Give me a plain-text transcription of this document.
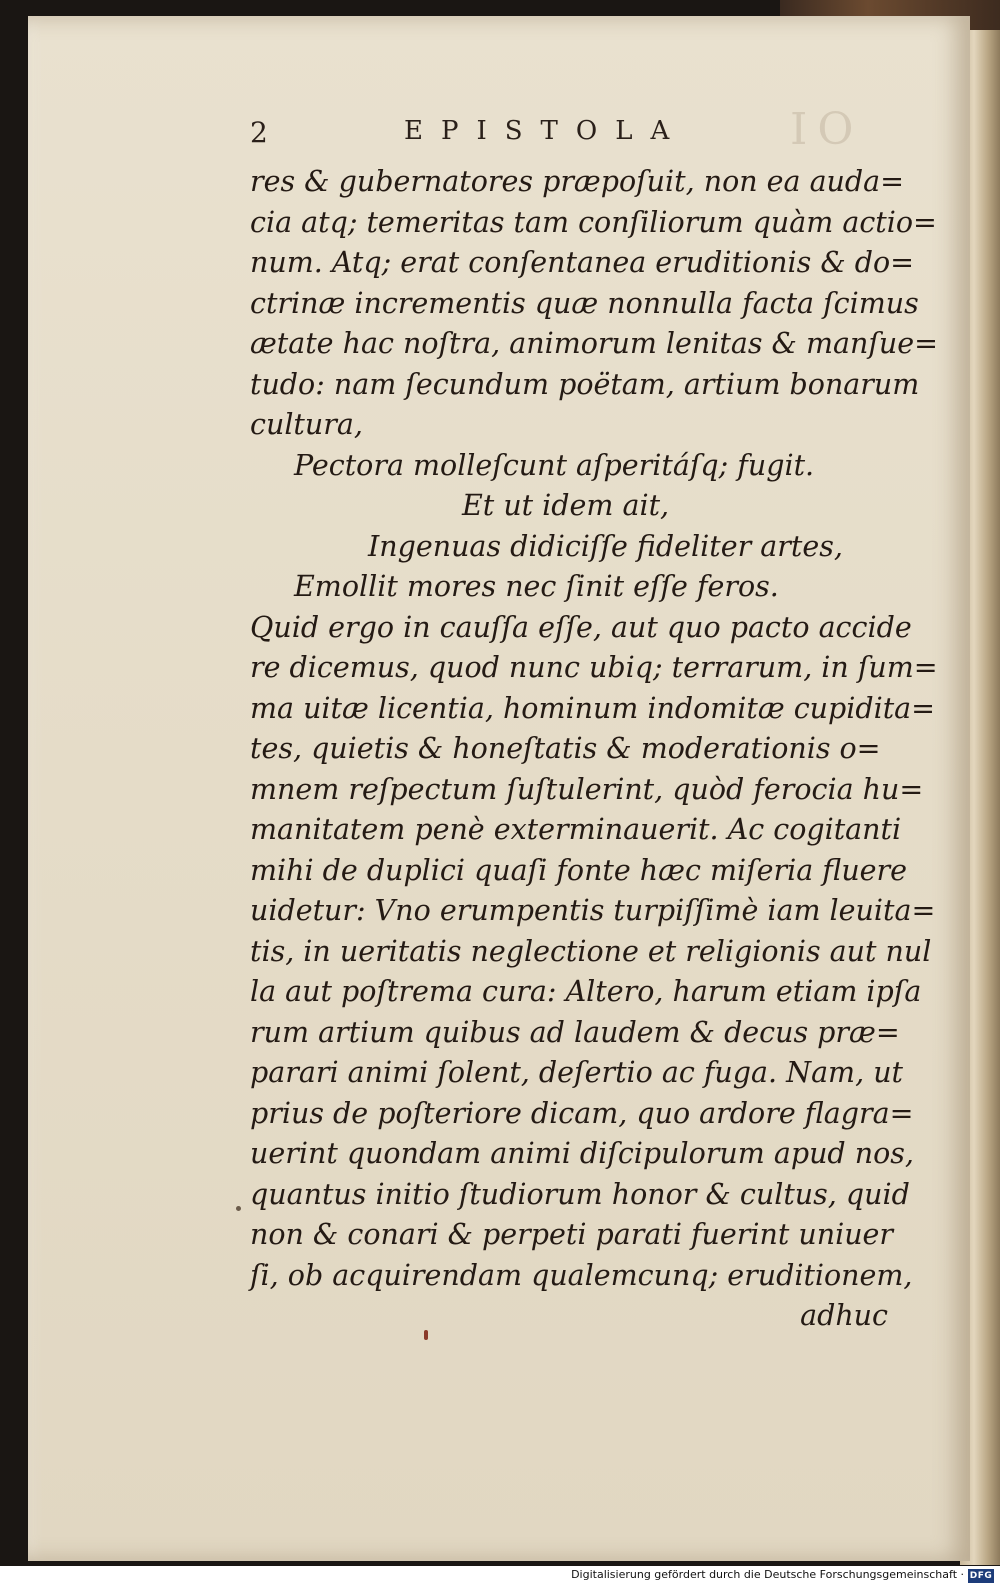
IO
2	EPISTOLA
res & gubernatores præpoſuit, non ea auda=
cia atq; temeritas tam conſiliorum quàm actio=
num. Atq; erat conſentanea eruditionis & do=
ctrinæ incrementis quæ nonnulla facta ſcimus
ætate hac noſtra, animorum lenitas & manſue=
tudo: nam ſecundum poëtam, artium bonarum
cultura,
Pectora molleſcunt aſperitáſq; fugit.
Et ut idem ait,
Ingenuas didiciſſe fideliter artes,
Emollit mores nec ſinit eſſe feros.
Quid ergo in cauſſa eſſe, aut quo pacto accide
re dicemus, quod nunc ubiq; terrarum, in ſum=
ma uitæ licentia, hominum indomitæ cupidita=
tes, quietis & honeſtatis & moderationis o=
mnem reſpectum ſuſtulerint, quòd ferocia hu=
manitatem penè exterminauerit. Ac cogitanti
mihi de duplici quaſi fonte hæc miſeria fluere
uidetur: Vno erumpentis turpiſſimè iam leuita=
tis, in ueritatis neglectione et religionis aut nul
la aut poſtrema cura: Altero, harum etiam ipſa
rum artium quibus ad laudem & decus præ=
parari animi ſolent, deſertio ac fuga. Nam, ut
prius de poſteriore dicam, quo ardore flagra=
uerint quondam animi diſcipulorum apud nos,
quantus initio ſtudiorum honor & cultus, quid
non & conari & perpeti parati fuerint uniuer
ſi, ob acquirendam qualemcunq; eruditionem,
adhuc
Digitalisierung gefördert durch die Deutsche Forschungsgemeinschaft · DFG
